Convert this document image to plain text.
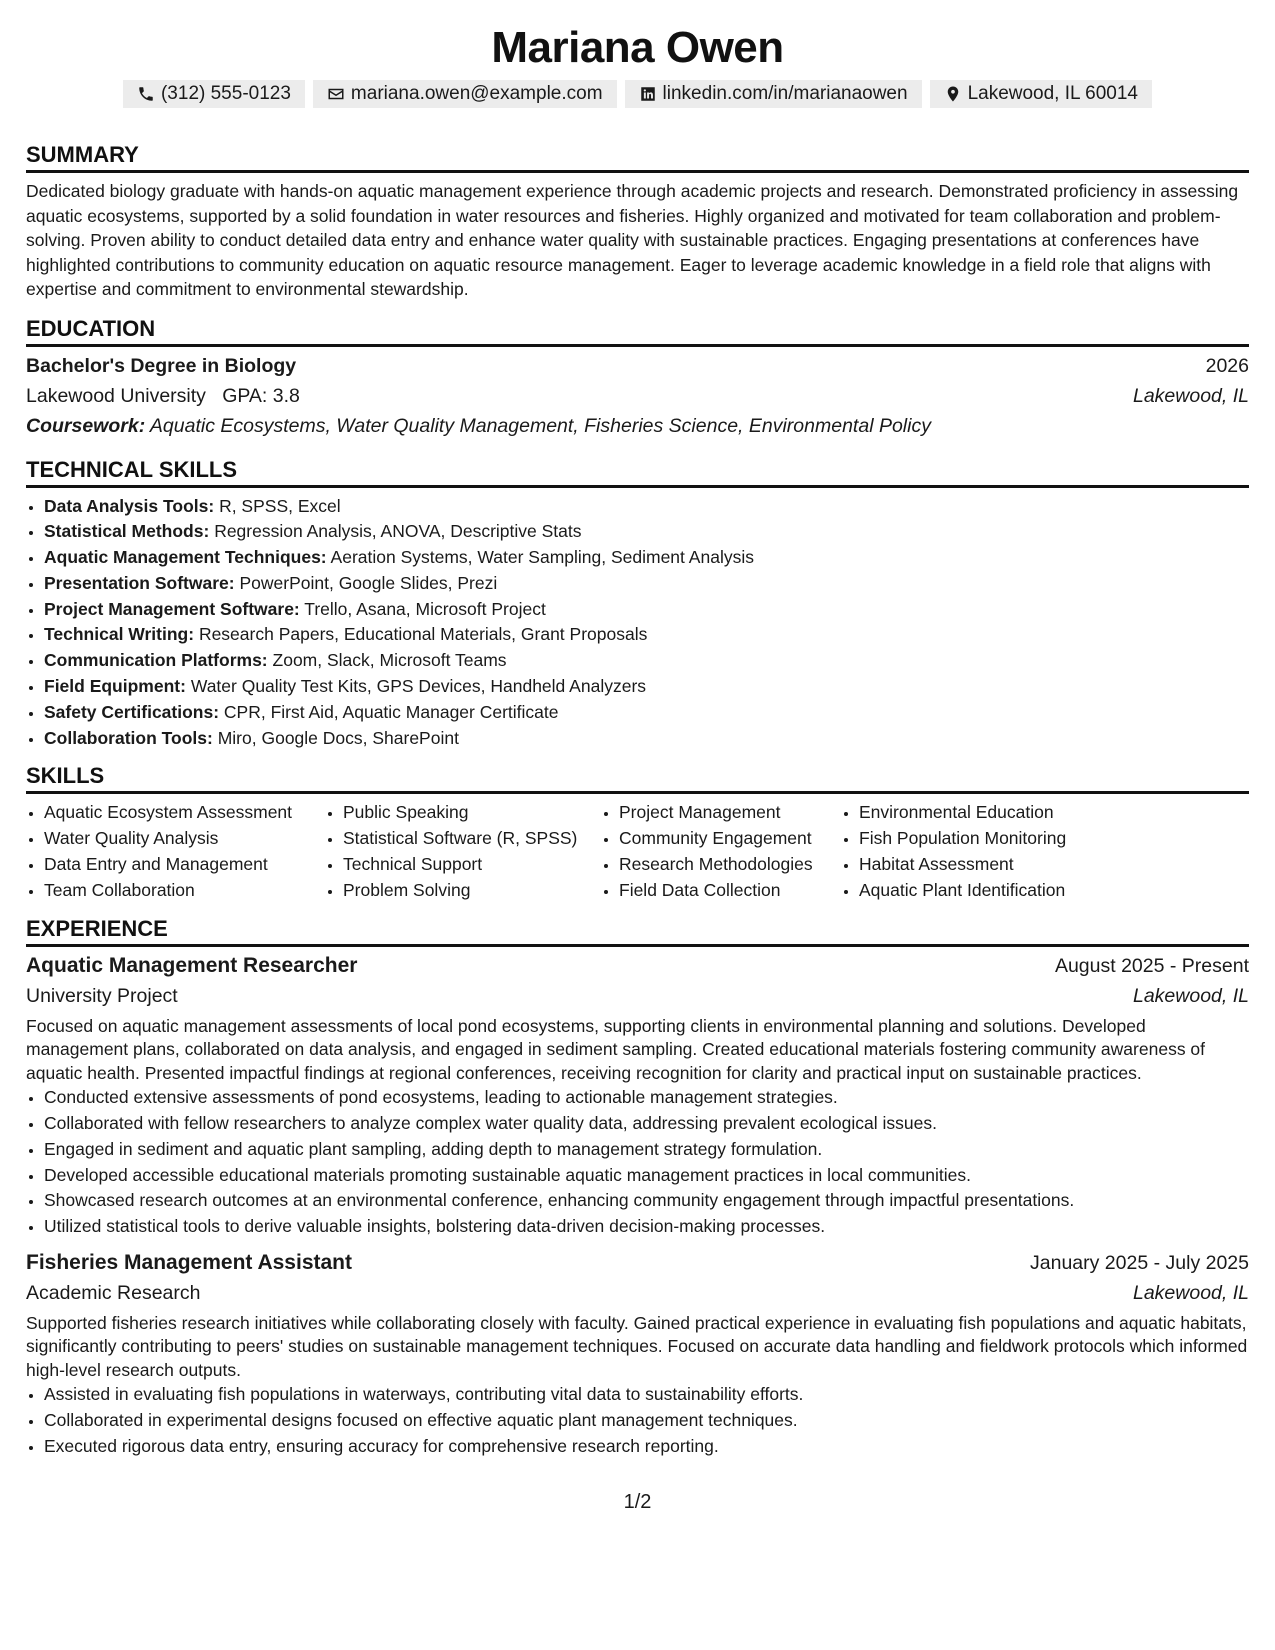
Mariana Owen
(312) 555-0123	mariana.owen@example.com	linkedin.com/in/marianaowen	Lakewood, IL 60014
SUMMARY

Dedicated biology graduate with hands-on aquatic management experience through academic projects and research. Demonstrated proficiency in assessing aquatic ecosystems, supported by a solid foundation in water resources and fisheries. Highly organized and motivated for team collaboration and problem-solving. Proven ability to conduct detailed data entry and enhance water quality with sustainable practices. Engaging presentations at conferences have highlighted contributions to community education on aquatic resource management. Eager to leverage academic knowledge in a field role that aligns with expertise and commitment to environmental stewardship.

EDUCATION
Bachelor's Degree in Biology	2026
Lakewood University GPA: 3.8	Lakewood, IL
Coursework: Aquatic Ecosystems, Water Quality Management, Fisheries Science, Environmental Policy
TECHNICAL SKILLS
• Data Analysis Tools: R, SPSS, Excel
• Statistical Methods: Regression Analysis, ANOVA, Descriptive Stats
• Aquatic Management Techniques: Aeration Systems, Water Sampling, Sediment Analysis
• Presentation Software: PowerPoint, Google Slides, Prezi
• Project Management Software: Trello, Asana, Microsoft Project
• Technical Writing: Research Papers, Educational Materials, Grant Proposals
• Communication Platforms: Zoom, Slack, Microsoft Teams
• Field Equipment: Water Quality Test Kits, GPS Devices, Handheld Analyzers
• Safety Certifications: CPR, First Aid, Aquatic Manager Certificate
• Collaboration Tools: Miro, Google Docs, SharePoint
SKILLS
• Aquatic Ecosystem Assessment
• Water Quality Analysis
• Data Entry and Management
• Team Collaboration
• Public Speaking
• Statistical Software (R, SPSS)
• Technical Support
• Problem Solving
• Project Management
• Community Engagement
• Research Methodologies
• Field Data Collection
• Environmental Education
• Fish Population Monitoring
• Habitat Assessment
• Aquatic Plant Identification
EXPERIENCE
Aquatic Management Researcher	August 2025 - Present
University Project	Lakewood, IL

Focused on aquatic management assessments of local pond ecosystems, supporting clients in environmental planning and solutions. Developed management plans, collaborated on data analysis, and engaged in sediment sampling. Created educational materials fostering community awareness of aquatic health. Presented impactful findings at regional conferences, receiving recognition for clarity and practical input on sustainable practices.

• Conducted extensive assessments of pond ecosystems, leading to actionable management strategies.
• Collaborated with fellow researchers to analyze complex water quality data, addressing prevalent ecological issues.
• Engaged in sediment and aquatic plant sampling, adding depth to management strategy formulation.
• Developed accessible educational materials promoting sustainable aquatic management practices in local communities.
• Showcased research outcomes at an environmental conference, enhancing community engagement through impactful presentations.
• Utilized statistical tools to derive valuable insights, bolstering data-driven decision-making processes.
Fisheries Management Assistant	January 2025 - July 2025
Academic Research	Lakewood, IL

Supported fisheries research initiatives while collaborating closely with faculty. Gained practical experience in evaluating fish populations and aquatic habitats, significantly contributing to peers' studies on sustainable management techniques. Focused on accurate data handling and fieldwork protocols which informed high-level research outputs.

• Assisted in evaluating fish populations in waterways, contributing vital data to sustainability efforts.
• Collaborated in experimental designs focused on effective aquatic plant management techniques.
• Executed rigorous data entry, ensuring accuracy for comprehensive research reporting.
1/2
